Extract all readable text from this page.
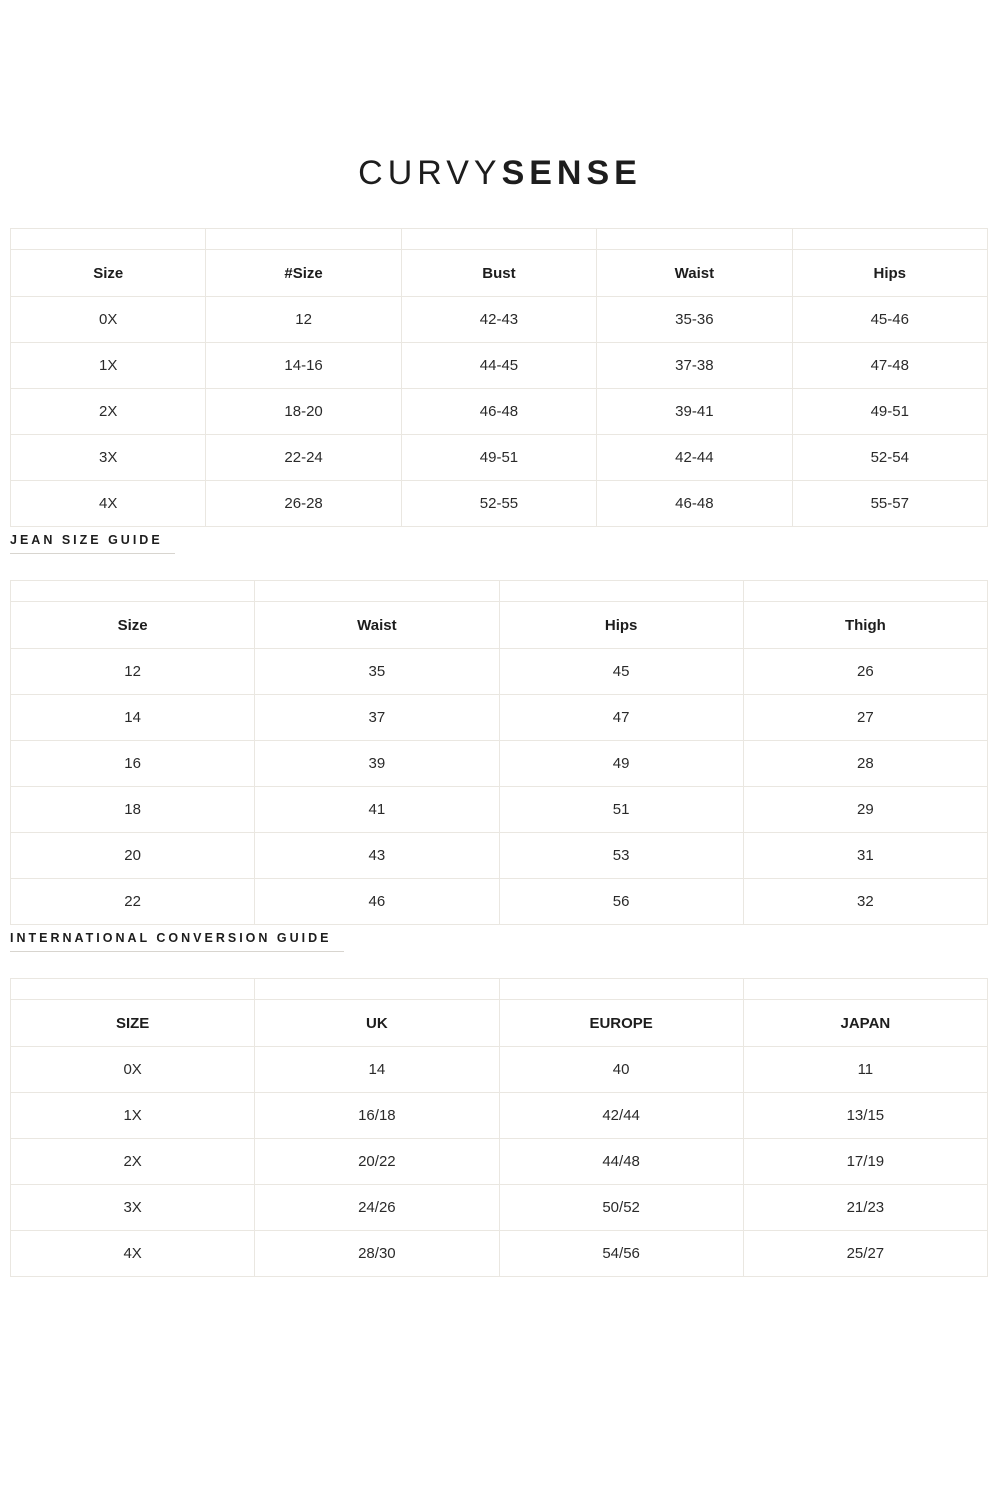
CURVYSENSE

Size	#Size	Bust	Waist	Hips
0X	12	42-43	35-36	45-46
1X	14-16	44-45	37-38	47-48
2X	18-20	46-48	39-41	49-51
3X	22-24	49-51	42-44	52-54
4X	26-28	52-55	46-48	55-57
JEAN SIZE GUIDE

Size	Waist	Hips	Thigh
12	35	45	26
14	37	47	27
16	39	49	28
18	41	51	29
20	43	53	31
22	46	56	32
INTERNATIONAL CONVERSION GUIDE

SIZE	UK	EUROPE	JAPAN
0X	14	40	11
1X	16/18	42/44	13/15
2X	20/22	44/48	17/19
3X	24/26	50/52	21/23
4X	28/30	54/56	25/27
